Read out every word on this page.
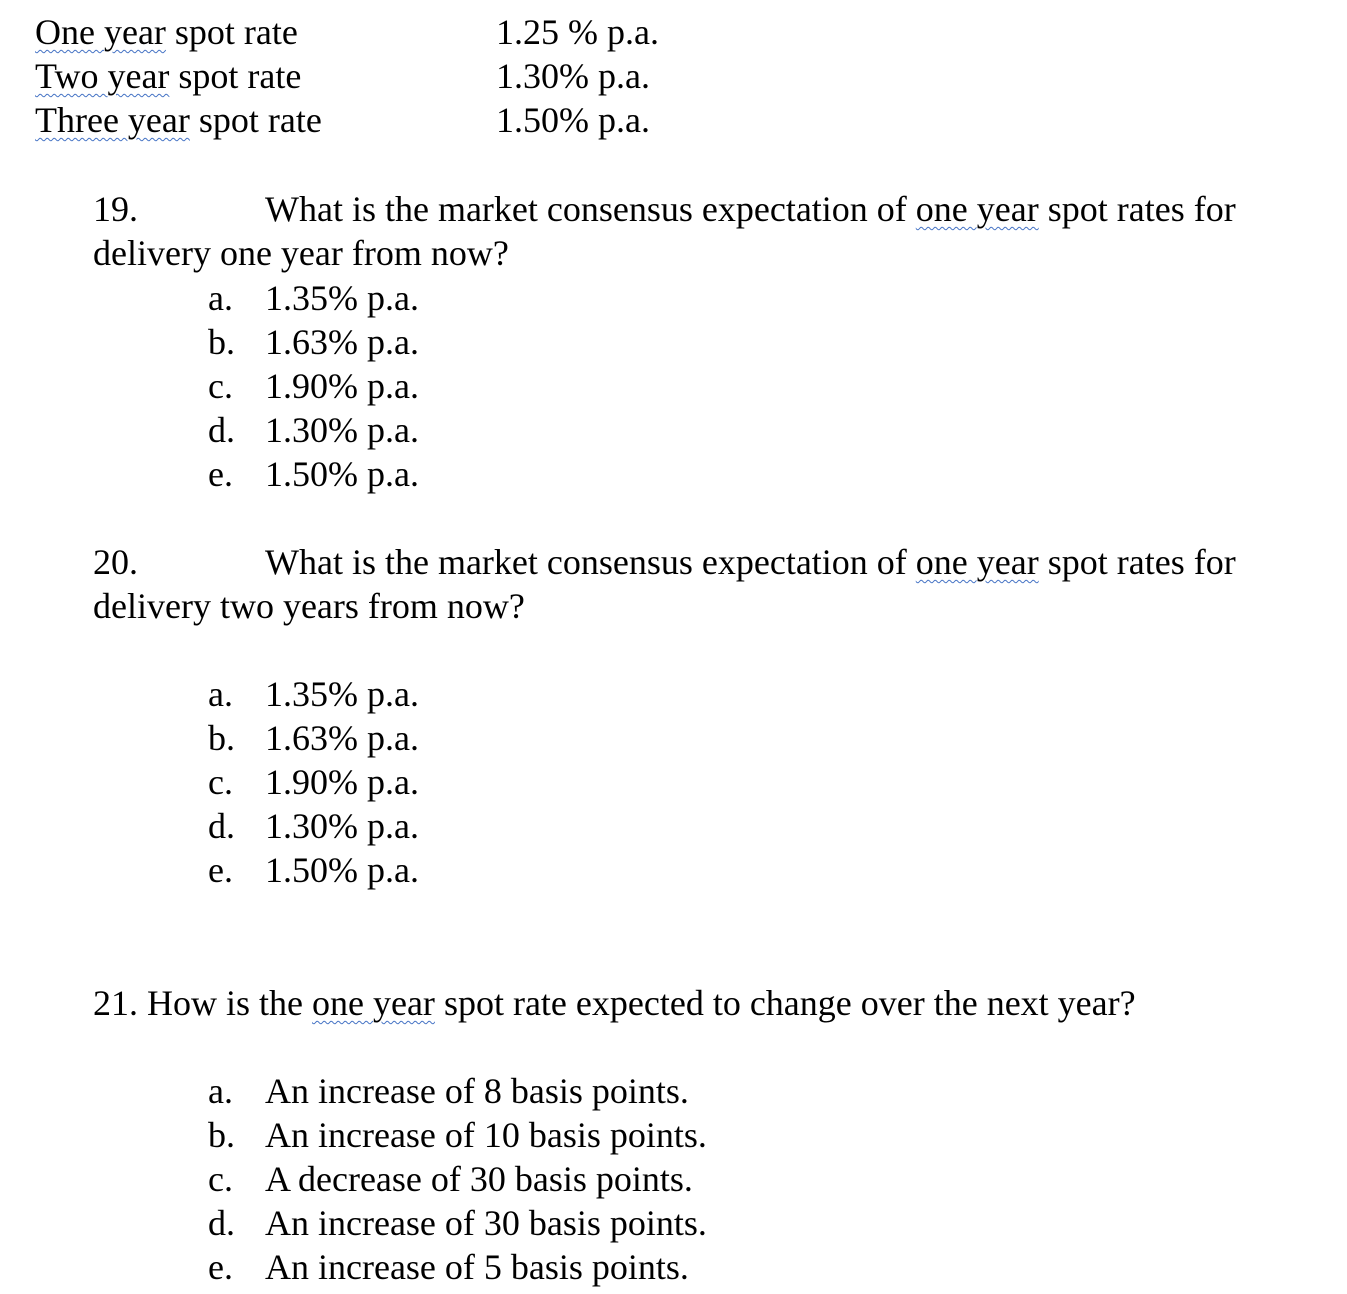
One year spot rate	1.25 % p.a.
Two year spot rate	1.30% p.a.
Three year spot rate	1.50% p.a.
19.	What is the market consensus expectation of one year spot rates for
delivery one year from now?
a. 1.35% p.a.
b. 1.63% p.a.
c. 1.90% p.a.
d. 1.30% p.a.
e. 1.50% p.a.
20.	What is the market consensus expectation of one year spot rates for
delivery two years from now?
a. 1.35% p.a.
b. 1.63% p.a.
c. 1.90% p.a.
d. 1.30% p.a.
e. 1.50% p.a.
21. How is the one year spot rate expected to change over the next year?
a. An increase of 8 basis points.
b. An increase of 10 basis points.
c. A decrease of 30 basis points.
d. An increase of 30 basis points.
e. An increase of 5 basis points.
